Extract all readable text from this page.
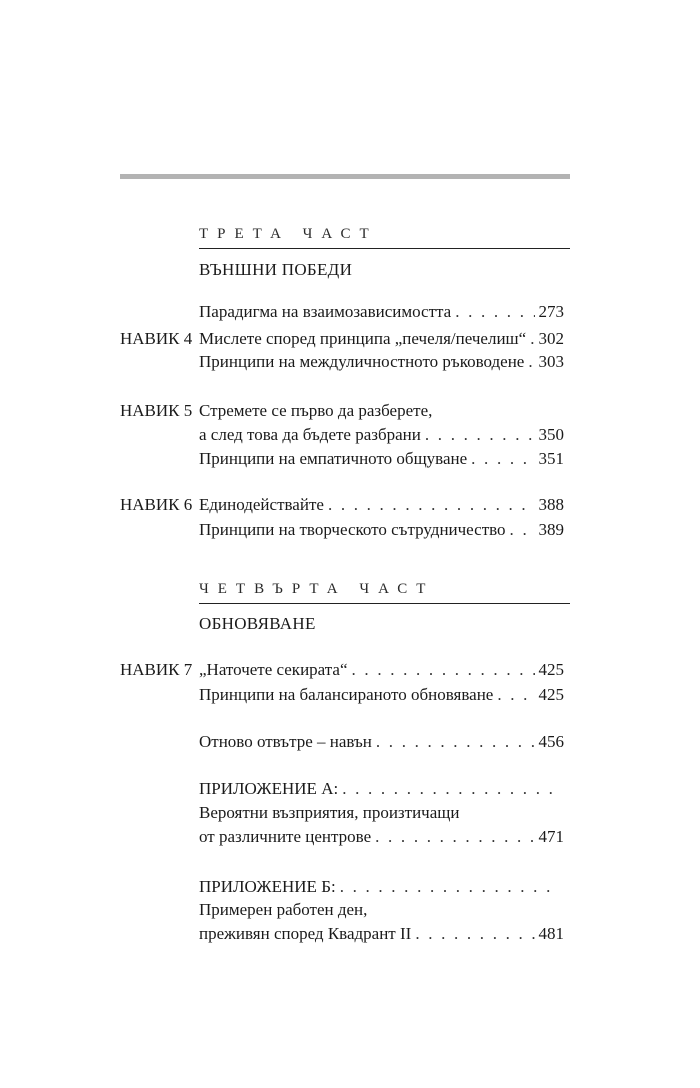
ТРЕТА ЧАСТ
ВЪНШНИ ПОБЕДИ
Парадигма на взаимозависимостта . . .	273
НАВИК 4 Мислете според принципа „печеля/печелиш“ . . . 302
Принципи на междуличностното ръководене . . . 303
НАВИК 5 Стремете се първо да разберете,
а след това да бъдете разбрани . . .	350
Принципи на емпатичното общуване . . .	351
НАВИК 6 Единодействайте . . .	388
Принципи на творческото сътрудничество . . . 389
ЧЕТВЪРТА ЧАСТ
ОБНОВЯВАНЕ
НАВИК 7 „Наточете секирата“ . . .	425
Принципи на балансираното обновяване . . .	425
Отново отвътре – навън . . .	456
ПРИЛОЖЕНИЕ А:
. . .
Вероятни възприятия, произтичащи
от различните центрове . . .	471
ПРИЛОЖЕНИЕ Б:
. . .
Примерен работен ден,
преживян според Квадрант II . . .	481
